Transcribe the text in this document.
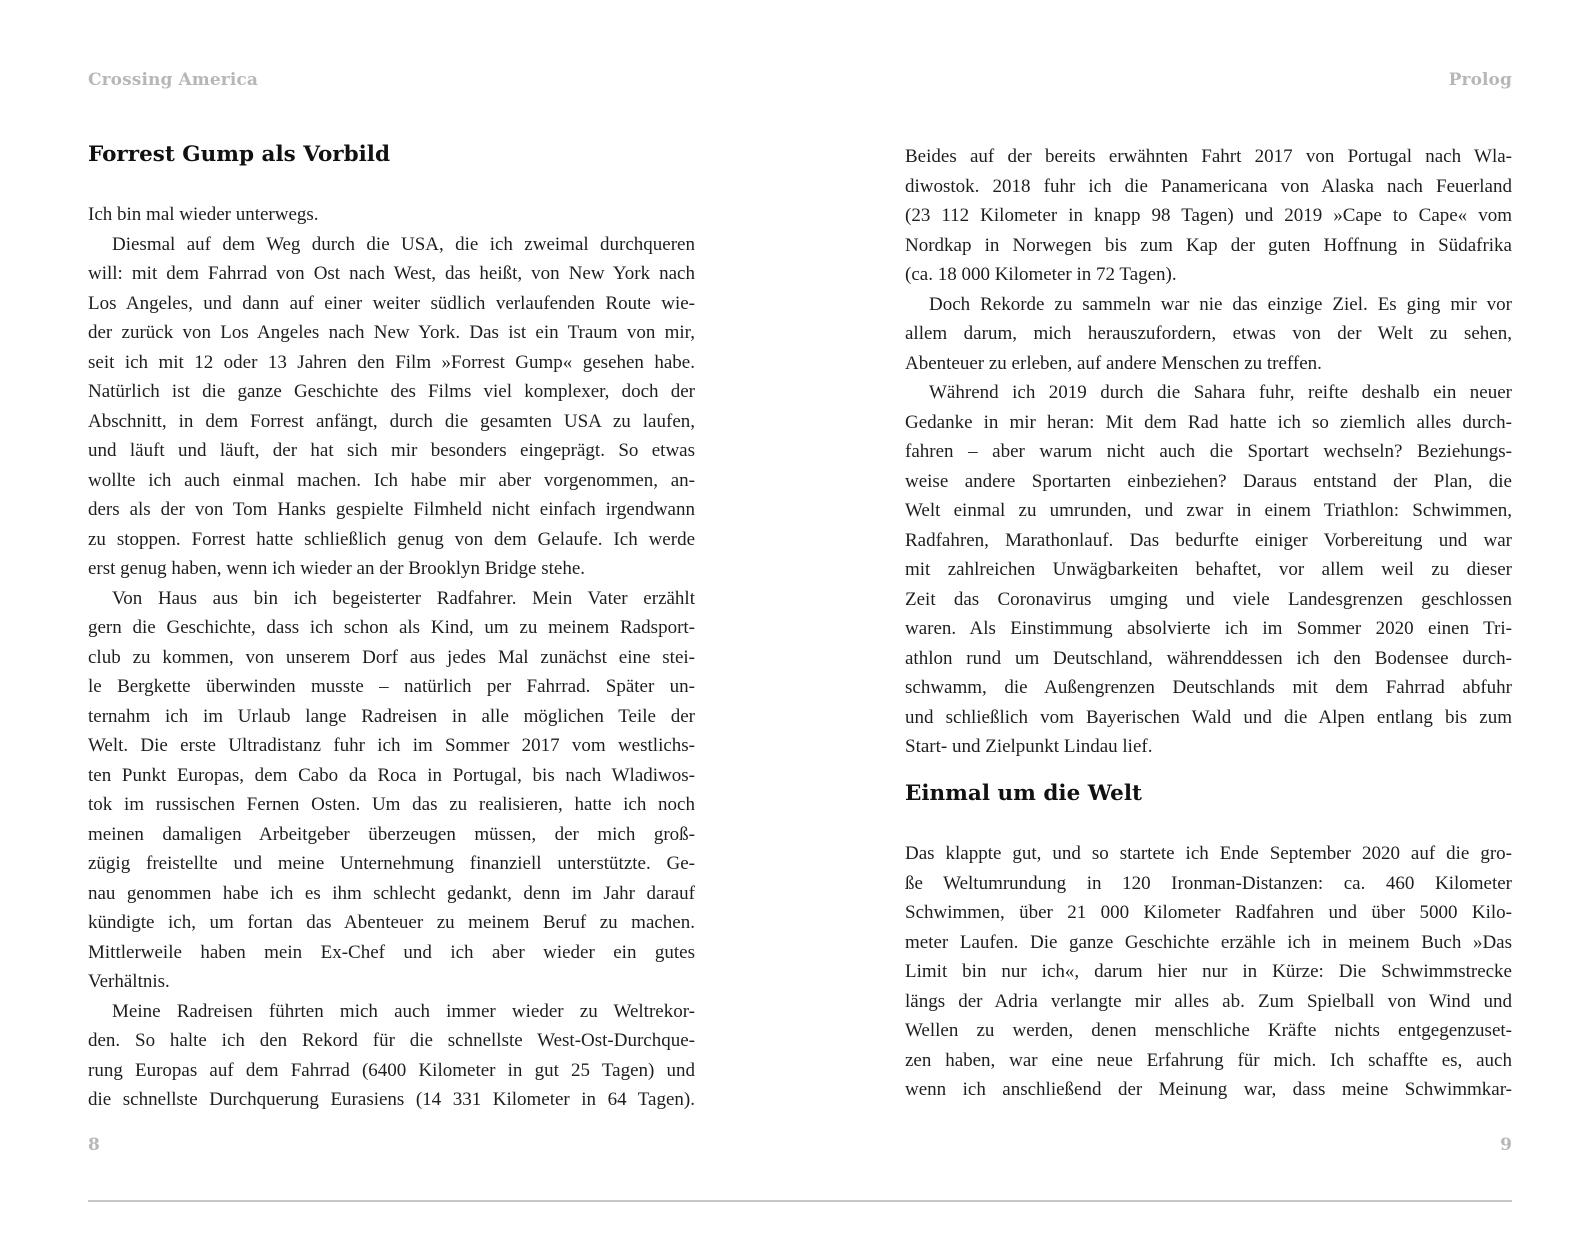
Crossing America
Forrest Gump als Vorbild
Ich bin mal wieder unterwegs.
Diesmal auf dem Weg durch die USA, die ich zweimal durchqueren
will: mit dem Fahrrad von Ost nach West, das heißt, von New York nach
Los Angeles, und dann auf einer weiter südlich verlaufenden Route wie-
der zurück von Los Angeles nach New York. Das ist ein Traum von mir,
seit ich mit 12 oder 13 Jahren den Film »Forrest Gump« gesehen habe.
Natürlich ist die ganze Geschichte des Films viel komplexer, doch der
Abschnitt, in dem Forrest anfängt, durch die gesamten USA zu laufen,
und läuft und läuft, der hat sich mir besonders eingeprägt. So etwas
wollte ich auch einmal machen. Ich habe mir aber vorgenommen, an-
ders als der von Tom Hanks gespielte Filmheld nicht einfach irgendwann
zu stoppen. Forrest hatte schließlich genug von dem Gelaufe. Ich werde
erst genug haben, wenn ich wieder an der Brooklyn Bridge stehe.
Von Haus aus bin ich begeisterter Radfahrer. Mein Vater erzählt
gern die Geschichte, dass ich schon als Kind, um zu meinem Radsport-
club zu kommen, von unserem Dorf aus jedes Mal zunächst eine stei-
le Bergkette überwinden musste – natürlich per Fahrrad. Später un-
ternahm ich im Urlaub lange Radreisen in alle möglichen Teile der
Welt. Die erste Ultradistanz fuhr ich im Sommer 2017 vom westlichs-
ten Punkt Europas, dem Cabo da Roca in Portugal, bis nach Wladiwos-
tok im russischen Fernen Osten. Um das zu realisieren, hatte ich noch
meinen damaligen Arbeitgeber überzeugen müssen, der mich groß-
zügig freistellte und meine Unternehmung finanziell unterstützte. Ge-
nau genommen habe ich es ihm schlecht gedankt, denn im Jahr darauf
kündigte ich, um fortan das Abenteuer zu meinem Beruf zu machen.
Mittlerweile haben mein Ex-Chef und ich aber wieder ein gutes
Verhältnis.
Meine Radreisen führten mich auch immer wieder zu Weltrekor-
den. So halte ich den Rekord für die schnellste West-Ost-Durchque-
rung Europas auf dem Fahrrad (6400 Kilometer in gut 25 Tagen) und
die schnellste Durchquerung Eurasiens (14 331 Kilometer in 64 Tagen).
8
Prolog
Beides auf der bereits erwähnten Fahrt 2017 von Portugal nach Wla-
diwostok. 2018 fuhr ich die Panamericana von Alaska nach Feuerland
(23 112 Kilometer in knapp 98 Tagen) und 2019 »Cape to Cape« vom
Nordkap in Norwegen bis zum Kap der guten Hoffnung in Südafrika
(ca. 18 000 Kilometer in 72 Tagen).
Doch Rekorde zu sammeln war nie das einzige Ziel. Es ging mir vor
allem darum, mich herauszufordern, etwas von der Welt zu sehen,
Abenteuer zu erleben, auf andere Menschen zu treffen.
Während ich 2019 durch die Sahara fuhr, reifte deshalb ein neuer
Gedanke in mir heran: Mit dem Rad hatte ich so ziemlich alles durch-
fahren – aber warum nicht auch die Sportart wechseln? Beziehungs-
weise andere Sportarten einbeziehen? Daraus entstand der Plan, die
Welt einmal zu umrunden, und zwar in einem Triathlon: Schwimmen,
Radfahren, Marathonlauf. Das bedurfte einiger Vorbereitung und war
mit zahlreichen Unwägbarkeiten behaftet, vor allem weil zu dieser
Zeit das Coronavirus umging und viele Landesgrenzen geschlossen
waren. Als Einstimmung absolvierte ich im Sommer 2020 einen Tri-
athlon rund um Deutschland, währenddessen ich den Bodensee durch-
schwamm, die Außengrenzen Deutschlands mit dem Fahrrad abfuhr
und schließlich vom Bayerischen Wald und die Alpen entlang bis zum
Start- und Zielpunkt Lindau lief.
Einmal um die Welt
Das klappte gut, und so startete ich Ende September 2020 auf die gro-
ße Weltumrundung in 120 Ironman-Distanzen: ca. 460 Kilometer
Schwimmen, über 21 000 Kilometer Radfahren und über 5000 Kilo-
meter Laufen. Die ganze Geschichte erzähle ich in meinem Buch »Das
Limit bin nur ich«, darum hier nur in Kürze: Die Schwimmstrecke
längs der Adria verlangte mir alles ab. Zum Spielball von Wind und
Wellen zu werden, denen menschliche Kräfte nichts entgegenzuset-
zen haben, war eine neue Erfahrung für mich. Ich schaffte es, auch
wenn ich anschließend der Meinung war, dass meine Schwimmkar-
9
